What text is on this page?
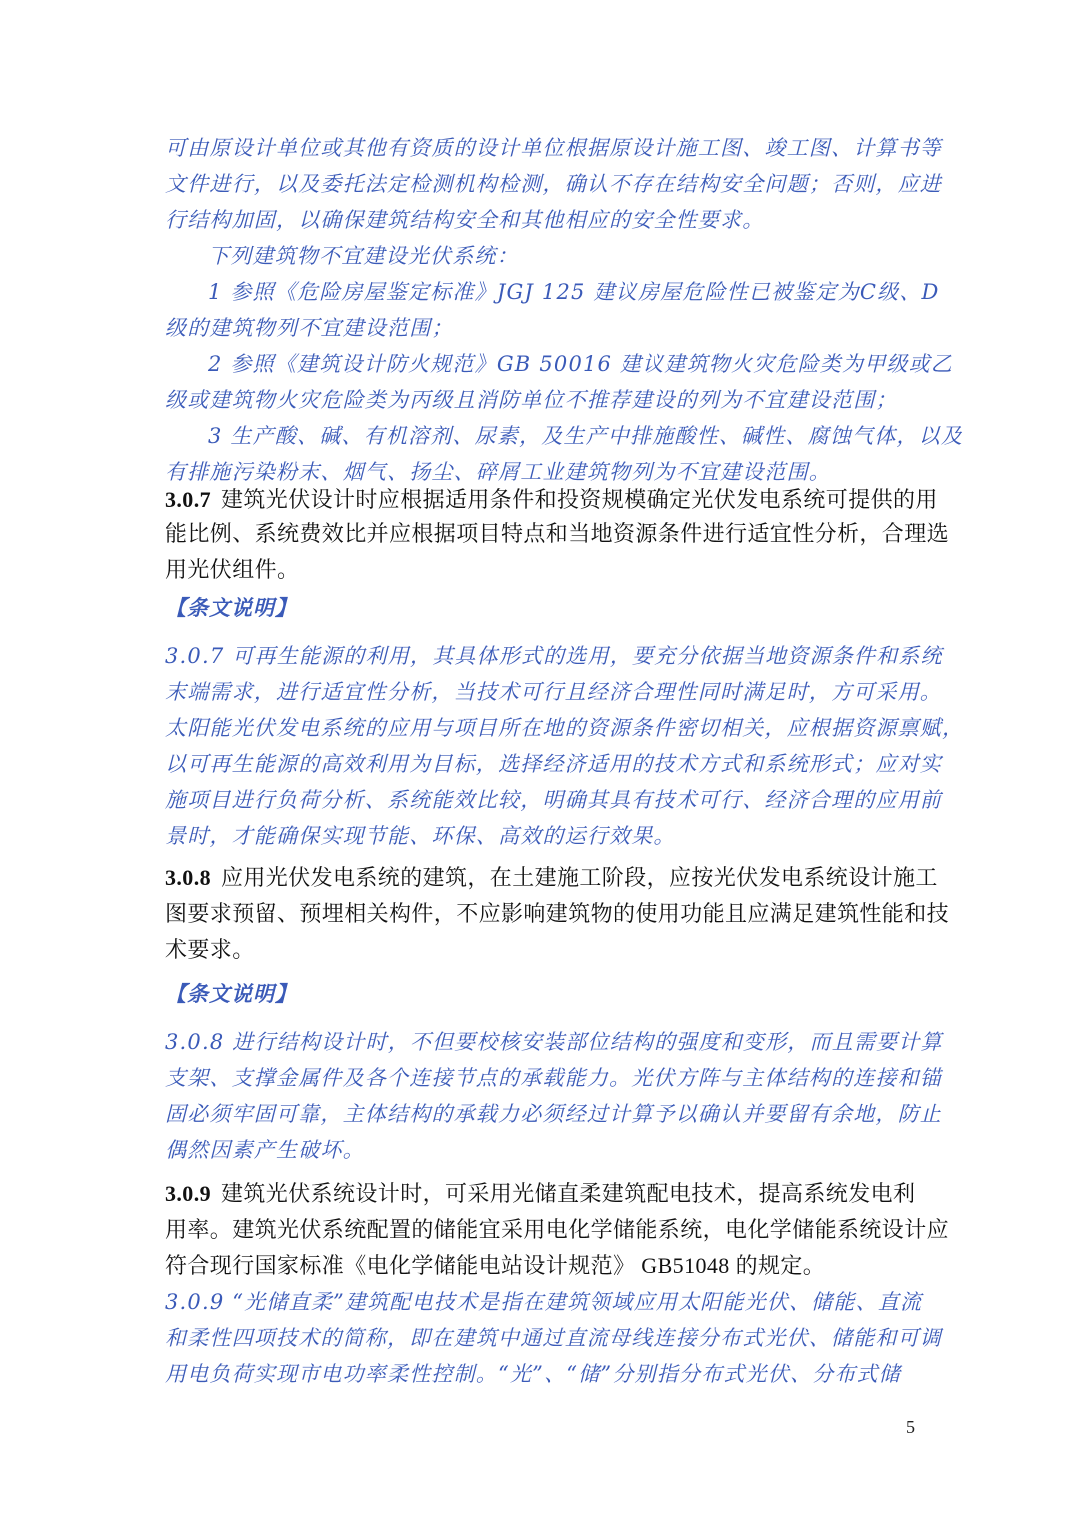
可由原设计单位或其他有资质的设计单位根据原设计施工图、竣工图、计算书等
文件进行，以及委托法定检测机构检测，确认不存在结构安全问题；否则，应进
行结构加固，以确保建筑结构安全和其他相应的安全性要求。
下列建筑物不宜建设光伏系统：
1 参照《危险房屋鉴定标准》JGJ 125 建议房屋危险性已被鉴定为C级、D
级的建筑物列不宜建设范围；
2 参照《建筑设计防火规范》GB 50016 建议建筑物火灾危险类为甲级或乙
级或建筑物火灾危险类为丙级且消防单位不推荐建设的列为不宜建设范围；
3 生产酸、碱、有机溶剂、尿素，及生产中排施酸性、碱性、腐蚀气体，以及
有排施污染粉末、烟气、扬尘、碎屑工业建筑物列为不宜建设范围。
3.0.7 建筑光伏设计时应根据适用条件和投资规模确定光伏发电系统可提供的用
能比例、系统费效比并应根据项目特点和当地资源条件进行适宜性分析，合理选
用光伏组件。
【条文说明】
3.0.7 可再生能源的利用，其具体形式的选用，要充分依据当地资源条件和系统
末端需求，进行适宜性分析，当技术可行且经济合理性同时满足时，方可采用。
太阳能光伏发电系统的应用与项目所在地的资源条件密切相关，应根据资源禀赋，
以可再生能源的高效利用为目标，选择经济适用的技术方式和系统形式；应对实
施项目进行负荷分析、系统能效比较，明确其具有技术可行、经济合理的应用前
景时，才能确保实现节能、环保、高效的运行效果。
3.0.8 应用光伏发电系统的建筑，在土建施工阶段，应按光伏发电系统设计施工
图要求预留、预埋相关构件，不应影响建筑物的使用功能且应满足建筑性能和技
术要求。
【条文说明】
3.0.8 进行结构设计时，不但要校核安装部位结构的强度和变形，而且需要计算
支架、支撑金属件及各个连接节点的承载能力。光伏方阵与主体结构的连接和锚
固必须牢固可靠，主体结构的承载力必须经过计算予以确认并要留有余地，防止
偶然因素产生破坏。
3.0.9 建筑光伏系统设计时，可采用光储直柔建筑配电技术，提高系统发电利
用率。建筑光伏系统配置的储能宜采用电化学储能系统，电化学储能系统设计应
符合现行国家标准《电化学储能电站设计规范》 GB51048 的规定。
3.0.9 “光储直柔”建筑配电技术是指在建筑领域应用太阳能光伏、储能、直流
和柔性四项技术的简称，即在建筑中通过直流母线连接分布式光伏、储能和可调
用电负荷实现市电功率柔性控制。“光”、“储”分别指分布式光伏、分布式储
5
